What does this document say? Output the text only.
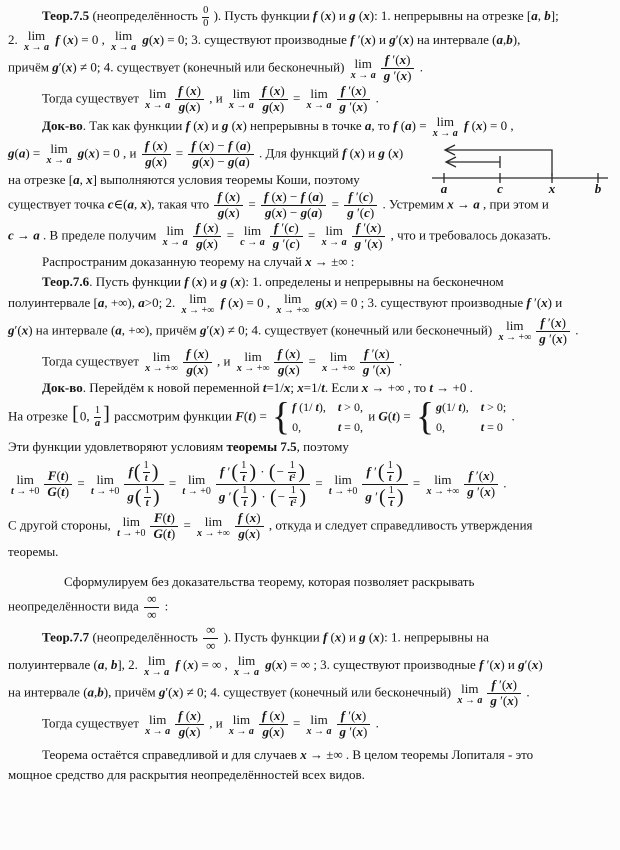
Теор.7.5 (неопределённость $\frac{0}{0}$ ). Пусть функции f (x) и g (x): 1. непрерывны на отрезке [a, b];
2. lim
x → a
f (x) = 0 , lim
x → a
g(x) = 0; 3. существуют производные f ′(x) и g′(x) на интервале (a,b),
причём g′(x) ≠ 0; 4. существует (конечный или бесконечный) lim
x → a $\frac{f '( x )}{g '( x )}$ .
Тогда существует lim
x → a $\frac{f ( x )}{g ( x )}$ , и lim
x → a $\frac{f ( x )}{g ( x )} = \lim$
x → a $\frac{f '( x )}{g '( x )}$ .
Док-во. Так как функции f (x) и g (x) непрерывны в точке a, то f (a) = lim
x → a
f (x) = 0 ,
g(a) = lim
x → a
g(x) = 0 , и $\frac{f ( x )}{g ( x )} = \frac{f ( x ) - f ( a )}{g ( x ) - g ( a )}$ . Для функций f (x) и g (x)
на отрезке [a, x] выполняются условия теоремы Коши, поэтому
существует точка c∈(a, x), такая что $\frac{f ( x )}{g ( x )} = \frac{f ( x ) - f ( a )}{g ( x ) - g ( a )} = \frac{f '( c )}{g '( c )}$ . Устремим x → a , при этом и
c → a . В пределе получим lim
x → a $\frac{f ( x )}{g ( x )} = \lim$
c → a $\frac{f '( c )}{g '( c )} = \lim$
x → a $\frac{f '( x )}{g '( x )}$ , что и требовалось доказать.
a	c	x	b
Распространим доказанную теорему на случай x → ±∞ :
Теор.7.6. Пусть функции f (x) и g (x): 1. определены и непрерывны на бесконечном
полуинтервале [a, +∞), a>0; 2. lim
x → +∞
f (x) = 0 , lim
x → +∞
g(x) = 0 ; 3. существуют производные f ′(x) и
g′(x) на интервале (a, +∞), причём g′(x) ≠ 0; 4. существует (конечный или бесконечный) lim
x → +∞ $\frac{f '( x )}{g '( x )}$ .
Тогда существует lim
x → +∞ $\frac{f ( x )}{g ( x )}$ , и lim
x → +∞ $\frac{f ( x )}{g ( x )} = \lim$
x → +∞ $\frac{f '( x )}{g '( x )}$ .
Док-во. Перейдём к новой переменной t=1/x; x=1/t. Если x → +∞ , то t → +0 .
На отрезке [0, $\frac{1}{a}$ ] рассмотрим функции F(t) = { f (1/ t), t > 0,
0,	t = 0,
и G(t) = { g(1/ t), t > 0;
0,	t = 0
.
Эти функции удовлетворяют условиям теоремы 7.5, поэтому
lim
$t \to +0 \frac{F ( t )}{G ( t )} = \lim$
$t \to +0 \frac{f ( \frac{1}{t} )}{g ( \frac{1}{t} )} = \lim$
$t \to +0 \frac{f ' ( \frac{1}{t} ) \cdot ( - \frac{1}{\text{t ²}} )}{g ' ( \frac{1}{t} ) \cdot ( - \frac{1}{\text{t ²}} )} = \lim$
$t \to +0 \frac{f ' ( \frac{1}{t} )}{g ' ( \frac{1}{t} )} = \lim$
x → +∞ $\frac{f '( x )}{g '( x )}$ .
С другой стороны, lim
$t \to +0 \frac{F ( t )}{G ( t )} = \lim$
x → +∞ $\frac{f ( x )}{g ( x )}$ , откуда и следует справедливость утверждения
теоремы.
Сформулируем без доказательства теорему, которая позволяет раскрывать
неопределённости вида $\frac{\infty}{\infty}$ :
Теор.7.7 (неопределённость $\frac{\infty}{\infty}$ ). Пусть функции f (x) и g (x): 1. непрерывны на
полуинтервале (a, b], 2. lim
x → a
f (x) = ∞ , lim
x → a
g(x) = ∞ ; 3. существуют производные f ′(x) и g′(x)
на интервале (a,b), причём g′(x) ≠ 0; 4. существует (конечный или бесконечный) lim
x → a $\frac{f '( x )}{g '( x )}$ .
Тогда существует lim
x → a $\frac{f ( x )}{g ( x )}$ , и lim
x → a $\frac{f ( x )}{g ( x )} = \lim$
x → a $\frac{f '( x )}{g '( x )}$ .
Теорема остаётся справедливой и для случаев x → ±∞ . В целом теоремы Лопиталя - это
мощное средство для раскрытия неопределённостей всех видов.
